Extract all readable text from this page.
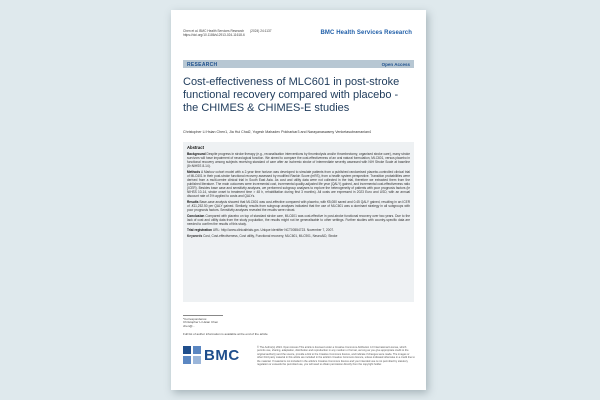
Chen et al. BMC Health Services Research (2024) 24:1137
https://doi.org/10.1186/s12913-024-11618-6	BMC Health Services Research
RESEARCH	Open Access
Cost-effectiveness of MLC601 in post-stroke functional recovery compared with placebo - the CHIMES & CHIMES-E studies
Christopher Li Hsian Chen1, Jia Hui Chai2, Yogesh Mahadev Pokharkar3 and Narayanaswamy Venketasubramanian4
Abstract

Background Despite progress in stroke therapy (e.g., recanalisation interventions by thrombolysis and/or thrombectomy, organised stroke care), many stroke survivors will have impairment of neurological function. We aimed to compare the cost-effectiveness of an oral natural formulation, MLC601, versus placebo in functional recovery among subjects receiving standard of care after an ischemic stroke of intermediate severity assessed with NIH Stroke Scale at baseline (8<NIHSS 8-14).

Methods A Markov cohort model with a 2-year time horizon was developed to simulate patients from a published randomised placebo-controlled clinical trial of MLC601 in their post-stroke functional recovery assessed by modified Rankin Score (mRS), from a health system perspective. Transition probabilities were derived from a multi-centre clinical trial in South East Asia. As cost and utility data were not collected in the trial, therefore we extracted them from the published literature. The main outcomes were incremental cost, incremental quality-adjusted life year (QALY) gained, and incremental cost-effectiveness ratio (ICER). Besides base case and sensitivity analyses, we performed subgroup analyses to explore the heterogeneity of patients with poor prognosis factors (ie NIHSS 10-14, stroke onset to treatment time > 48 h, rehabilitation during first 3 months). All costs are expressed in 2023 Euro and USD, with an annual discount rate of 3% applied to costs and QALYs.

Results Base-case analysis showed that MLC601 was cost-effective compared with placebo, with €5,080 saved and 0.45 QALY gained, resulting in an ICER of -€11,252.50 per QALY gained. Similarly, results from subgroup analyses indicated that the use of MLC601 was a dominant strategy in all subgroups with poor prognosis factors. Sensitivity analyses revealed the results were robust.

Conclusion Compared with placebo on top of standard stroke care, MLC601 was cost-effective in post-stroke functional recovery over two years. Due to the lack of cost and utility data from the study population, the results might not be generalisable to other settings. Further studies with country-specific data are needed to confirm the results of this study.

Trial registration URL: http://www.clinicaltrials.gov. Unique identifier NCT00554723. November 7, 2007.

Keywords Cost, Cost-effectiveness, Cost utility, Functional recovery, MLC601, MLC901, NeuroAiD, Stroke
*Correspondence:
Christopher Li Hsian Chen
chen@...
Full list of author information is available at the end of the article
BMC	© The Author(s) 2024. Open Access This article is licensed under a Creative Commons Attribution 4.0 International License, which permits use, sharing, adaptation, distribution and reproduction in any medium or format, as long as you give appropriate credit to the original author(s) and the source, provide a link to the Creative Commons licence, and indicate if changes were made. The images or other third party material in this article are included in the article's Creative Commons licence, unless indicated otherwise in a credit line to the material. If material is not included in the article's Creative Commons licence and your intended use is not permitted by statutory regulation or exceeds the permitted use, you will need to obtain permission directly from the copyright holder.
